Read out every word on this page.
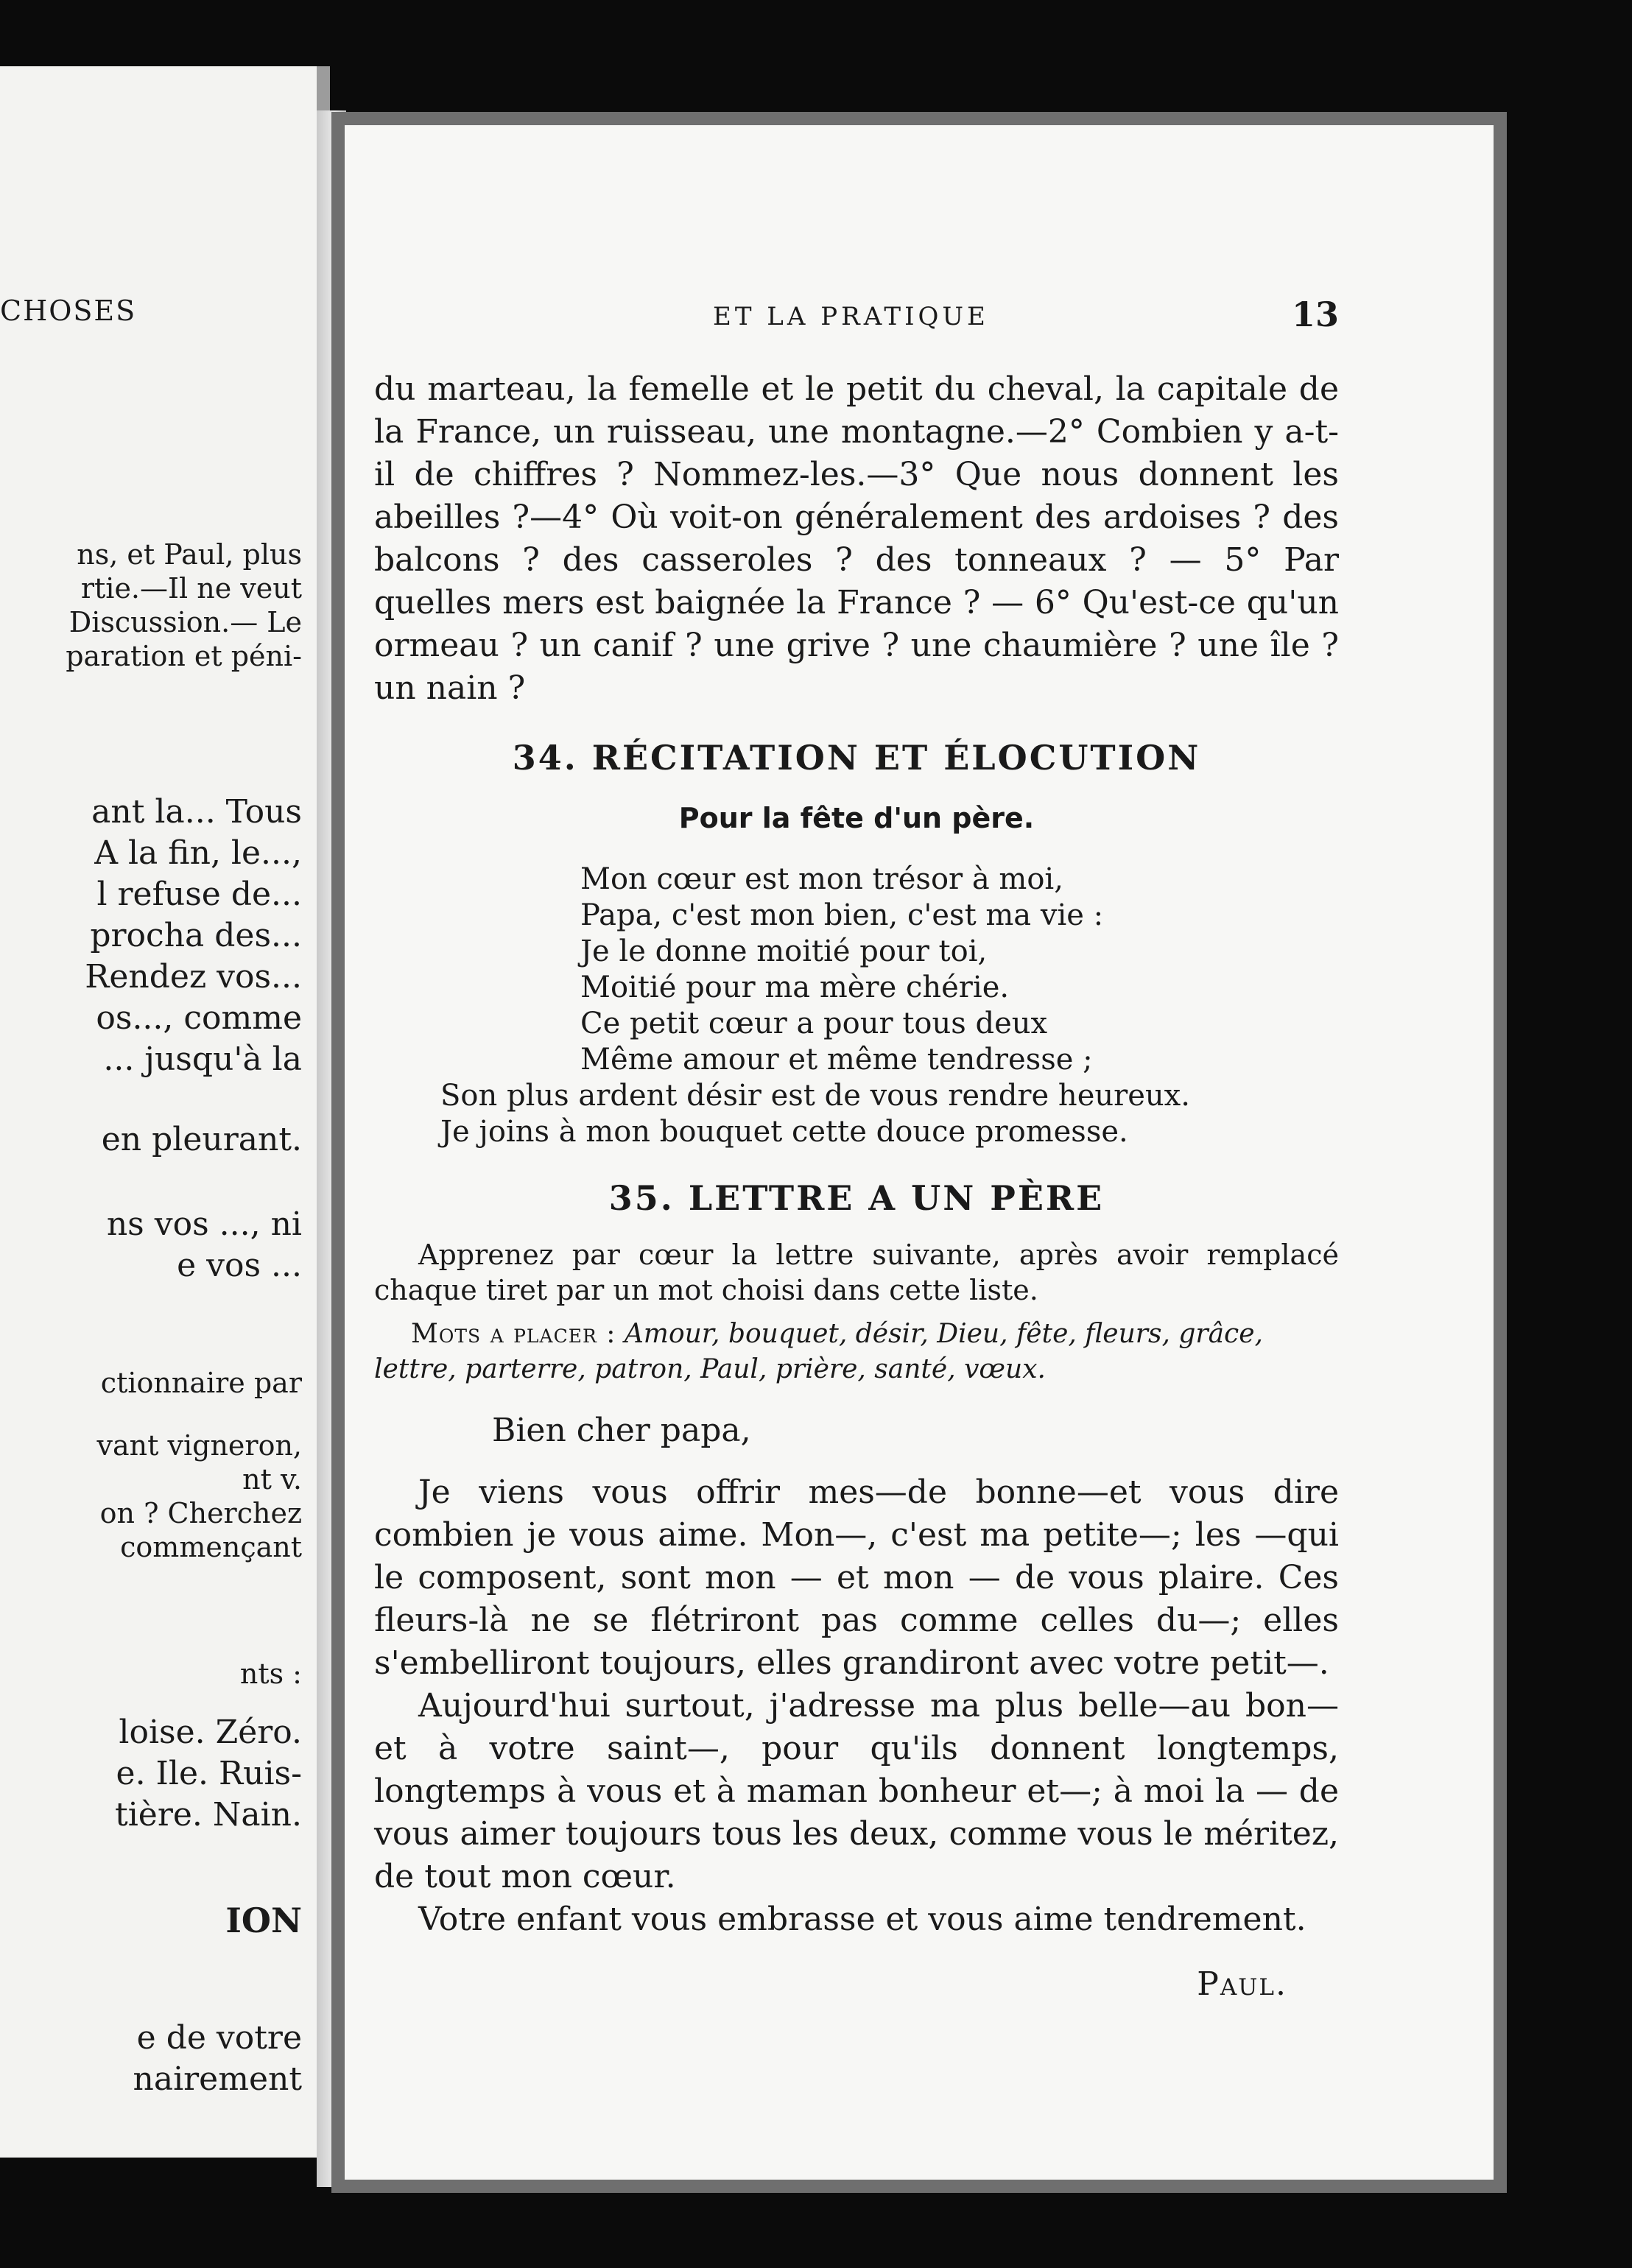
CHOSES
ns, et Paul, plus
rtie.—Il ne veut
Discussion.— Le
paration et péni-
ant la... Tous
A la fin, le...,
l refuse de...
procha des...
Rendez vos...
os..., comme
... jusqu'à la
en pleurant.
ns vos ..., ni
e vos ...
ctionnaire par
vant vigneron,
nt v.
on ? Cherchez
commençant
nts :
loise. Zéro.
e. Ile. Ruis-
tière. Nain.
ION
e de votre
nairement
ET LA PRATIQUE	13

du marteau, la femelle et le petit du cheval, la capitale de la France, un ruisseau, une montagne.—2° Combien y a-t-il de chiffres ? Nommez-les.—3° Que nous donnent les abeilles ?—4° Où voit-on généralement des ardoises ? des balcons ? des casseroles ? des tonneaux ? — 5° Par quelles mers est baignée la France ? — 6° Qu'est-ce qu'un ormeau ? un canif ? une grive ? une chaumière ? une île ? un nain ?

34. RÉCITATION ET ÉLOCUTION
Pour la fête d'un père.
Mon cœur est mon trésor à moi,
Papa, c'est mon bien, c'est ma vie :
Je le donne moitié pour toi,
Moitié pour ma mère chérie.
Ce petit cœur a pour tous deux
Même amour et même tendresse ;
Son plus ardent désir est de vous rendre heureux.
Je joins à mon bouquet cette douce promesse.
35. LETTRE A UN PÈRE

Apprenez par cœur la lettre suivante, après avoir remplacé chaque tiret par un mot choisi dans cette liste.

Mots a placer : Amour, bouquet, désir, Dieu, fête, fleurs, grâce, lettre, parterre, patron, Paul, prière, santé, vœux.

Bien cher papa,

Je viens vous offrir mes—de bonne—et vous dire combien je vous aime. Mon—, c'est ma petite—; les —qui le composent, sont mon — et mon — de vous plaire. Ces fleurs-là ne se flétriront pas comme celles du—; elles s'embelliront toujours, elles grandiront avec votre petit—.

Aujourd'hui surtout, j'adresse ma plus belle—au bon—et à votre saint—, pour qu'ils donnent longtemps, longtemps à vous et à maman bonheur et—; à moi la — de vous aimer toujours tous les deux, comme vous le méritez, de tout mon cœur.

Votre enfant vous embrasse et vous aime tendrement.

Paul.
